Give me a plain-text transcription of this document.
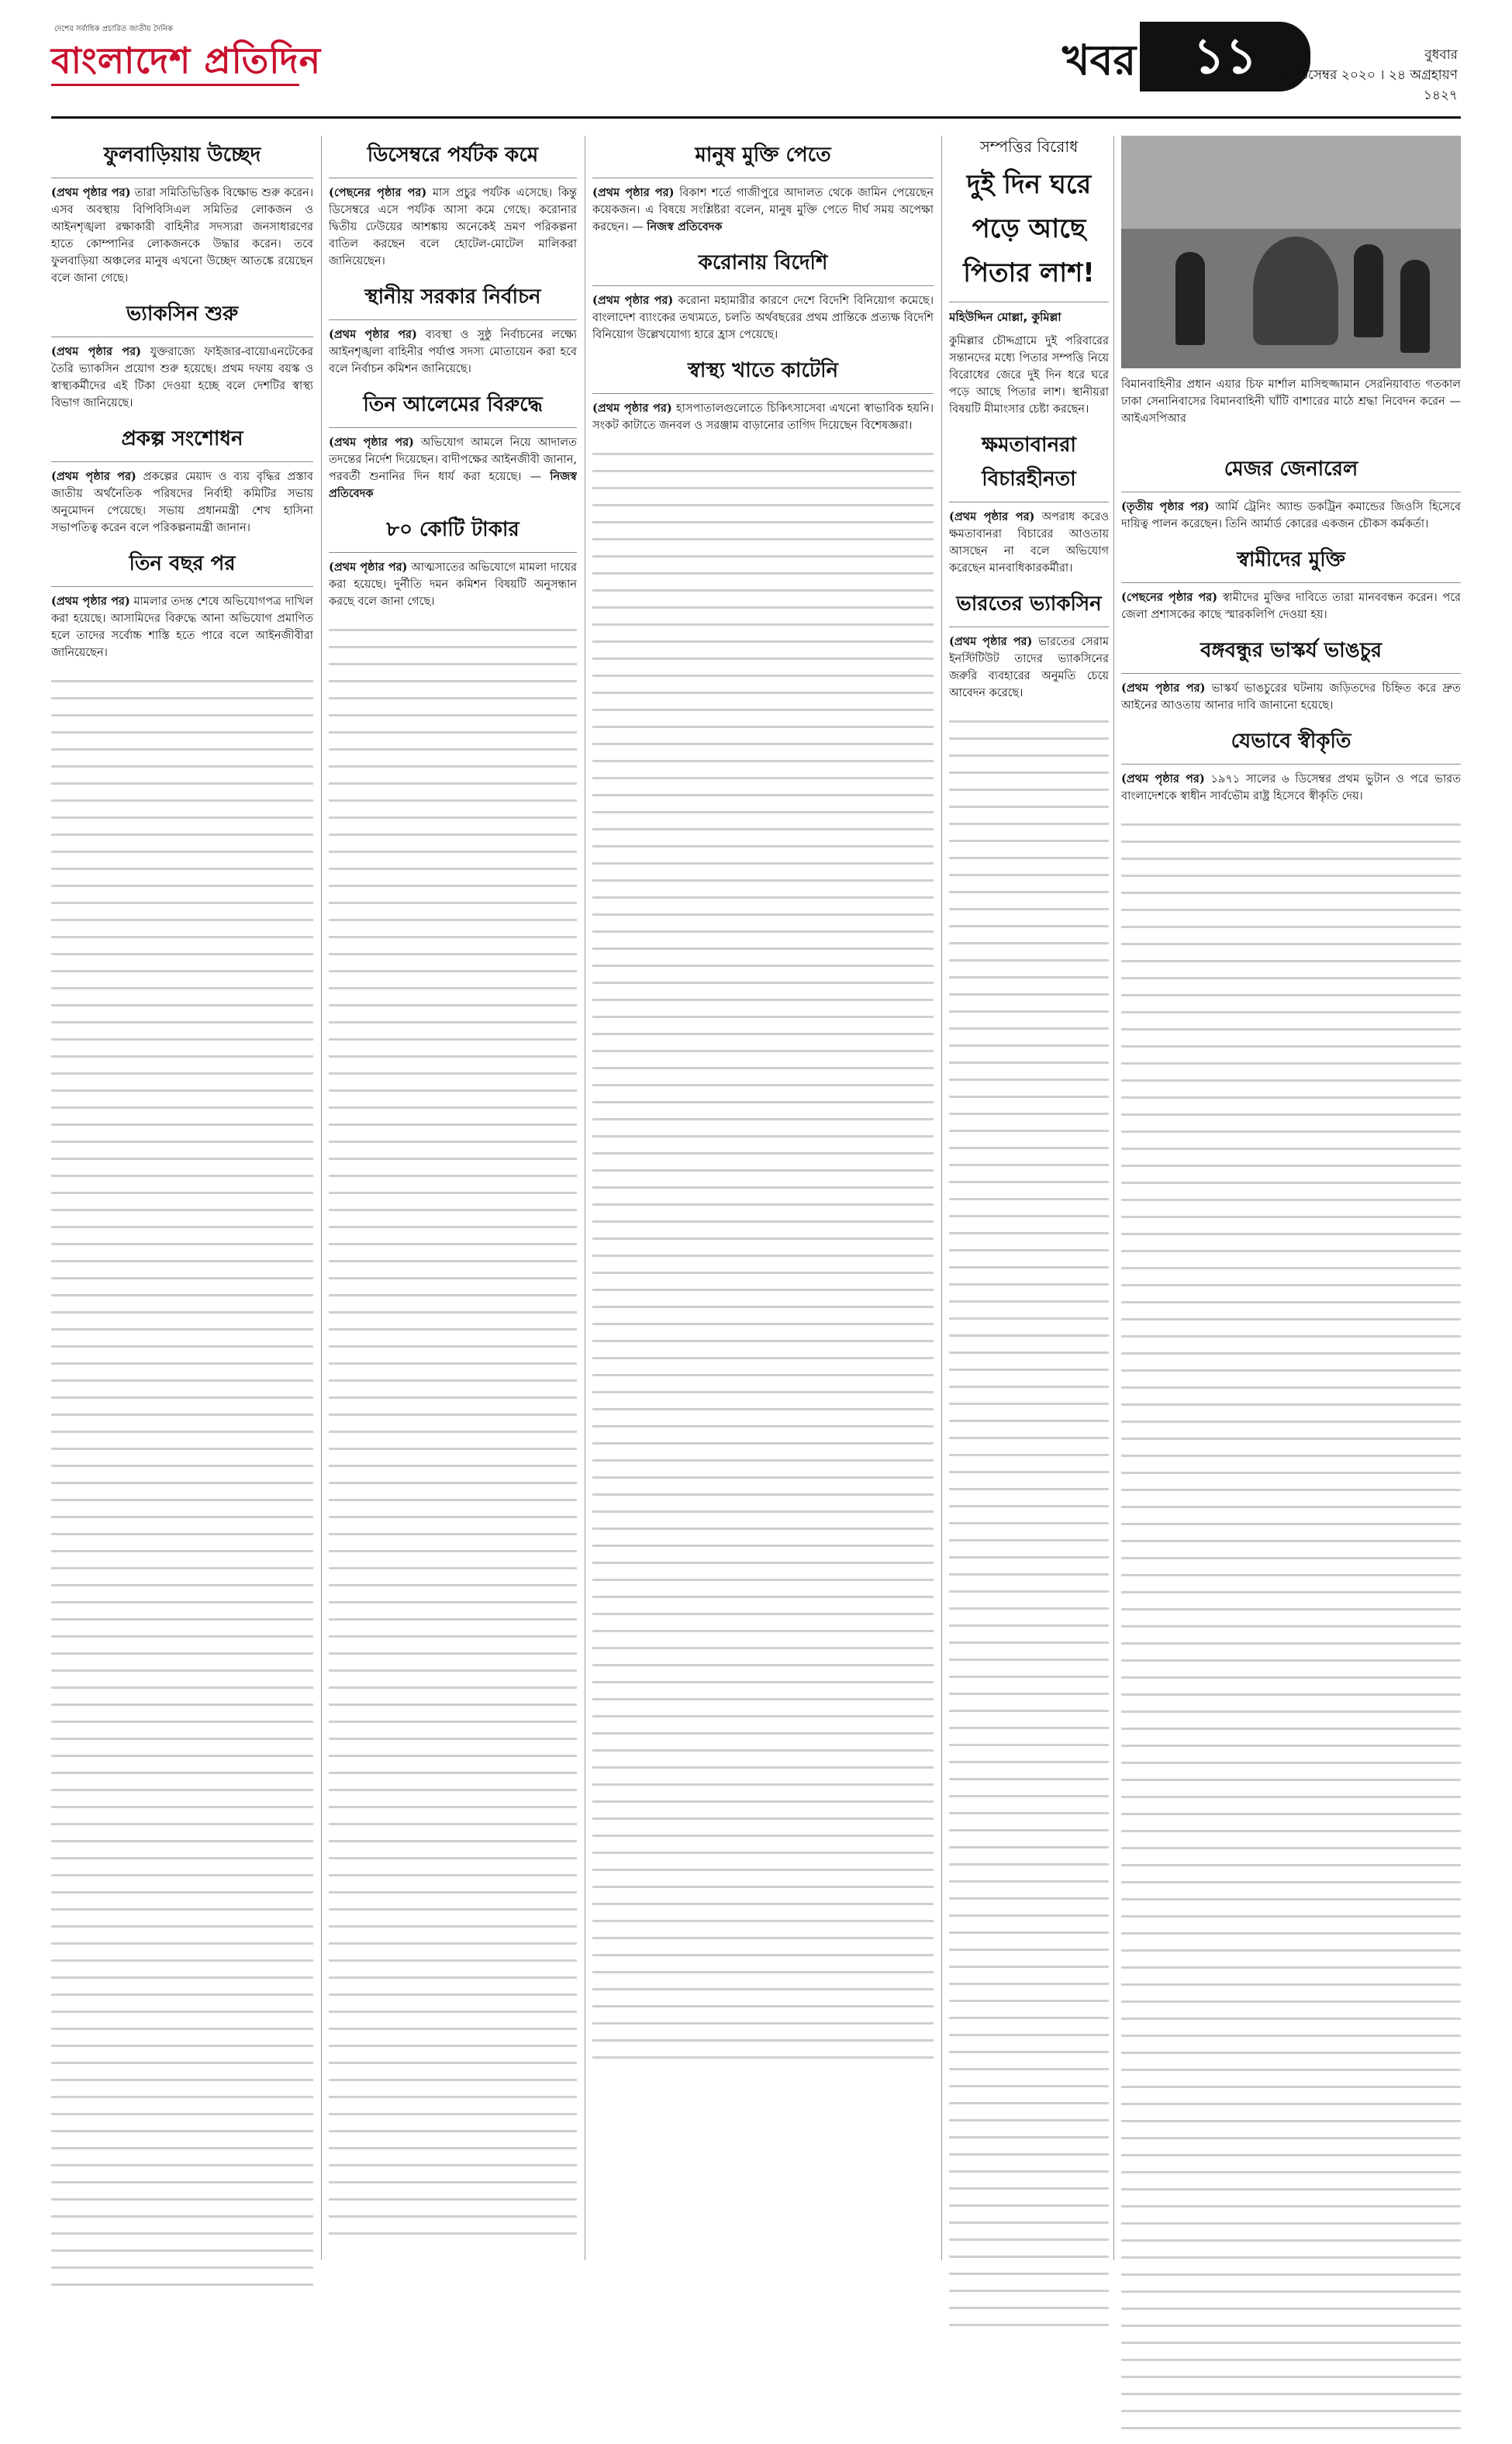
দেশের সর্বাধিক প্রচারিত জাতীয় দৈনিক
বাংলাদেশ প্রতিদিন	খবর	১১	বুধবার
৯ ডিসেম্বর ২০২০ । ২৪ অগ্রহায়ণ ১৪২৭
ফুলবাড়িয়ায় উচ্ছেদ

(প্রথম পৃষ্ঠার পর) তারা সমিতিভিত্তিক বিক্ষোভ শুরু করেন। এসব অবস্থায় বিপিবিসিএল সমিতির লোকজন ও আইনশৃঙ্খলা রক্ষাকারী বাহিনীর সদস্যরা জনসাধারণের হাতে কোম্পানির লোকজনকে উদ্ধার করেন। তবে ফুলবাড়িয়া অঞ্চলের মানুষ এখনো উচ্ছেদ আতঙ্কে রয়েছেন বলে জানা গেছে।

ভ্যাকসিন শুরু

(প্রথম পৃষ্ঠার পর) যুক্তরাজ্যে ফাইজার-বায়োএনটেকের তৈরি ভ্যাকসিন প্রয়োগ শুরু হয়েছে। প্রথম দফায় বয়স্ক ও স্বাস্থ্যকর্মীদের এই টিকা দেওয়া হচ্ছে বলে দেশটির স্বাস্থ্য বিভাগ জানিয়েছে।

প্রকল্প সংশোধন

(প্রথম পৃষ্ঠার পর) প্রকল্পের মেয়াদ ও ব্যয় বৃদ্ধির প্রস্তাব জাতীয় অর্থনৈতিক পরিষদের নির্বাহী কমিটির সভায় অনুমোদন পেয়েছে। সভায় প্রধানমন্ত্রী শেখ হাসিনা সভাপতিত্ব করেন বলে পরিকল্পনামন্ত্রী জানান।

তিন বছর পর

(প্রথম পৃষ্ঠার পর) মামলার তদন্ত শেষে অভিযোগপত্র দাখিল করা হয়েছে। আসামিদের বিরুদ্ধে আনা অভিযোগ প্রমাণিত হলে তাদের সর্বোচ্চ শাস্তি হতে পারে বলে আইনজীবীরা জানিয়েছেন।

ডিসেম্বরে পর্যটক কমে

(পেছনের পৃষ্ঠার পর) মাস প্রচুর পর্যটক এসেছে। কিন্তু ডিসেম্বরে এসে পর্যটক আসা কমে গেছে। করোনার দ্বিতীয় ঢেউয়ের আশঙ্কায় অনেকেই ভ্রমণ পরিকল্পনা বাতিল করছেন বলে হোটেল-মোটেল মালিকরা জানিয়েছেন।

স্থানীয় সরকার নির্বাচন

(প্রথম পৃষ্ঠার পর) ব্যবস্থা ও সুষ্ঠু নির্বাচনের লক্ষ্যে আইনশৃঙ্খলা বাহিনীর পর্যাপ্ত সদস্য মোতায়েন করা হবে বলে নির্বাচন কমিশন জানিয়েছে।

তিন আলেমের বিরুদ্ধে

(প্রথম পৃষ্ঠার পর) অভিযোগ আমলে নিয়ে আদালত তদন্তের নির্দেশ দিয়েছেন। বাদীপক্ষের আইনজীবী জানান, পরবর্তী শুনানির দিন ধার্য করা হয়েছে। — নিজস্ব প্রতিবেদক

৮০ কোটি টাকার

(প্রথম পৃষ্ঠার পর) আত্মসাতের অভিযোগে মামলা দায়ের করা হয়েছে। দুর্নীতি দমন কমিশন বিষয়টি অনুসন্ধান করছে বলে জানা গেছে।

মানুষ মুক্তি পেতে

(প্রথম পৃষ্ঠার পর) বিকাশ শর্তে গাজীপুরে আদালত থেকে জামিন পেয়েছেন কয়েকজন। এ বিষয়ে সংশ্লিষ্টরা বলেন, মানুষ মুক্তি পেতে দীর্ঘ সময় অপেক্ষা করছেন। — নিজস্ব প্রতিবেদক

করোনায় বিদেশি

(প্রথম পৃষ্ঠার পর) করোনা মহামারীর কারণে দেশে বিদেশি বিনিয়োগ কমেছে। বাংলাদেশ ব্যাংকের তথ্যমতে, চলতি অর্থবছরের প্রথম প্রান্তিকে প্রত্যক্ষ বিদেশি বিনিয়োগ উল্লেখযোগ্য হারে হ্রাস পেয়েছে।

স্বাস্থ্য খাতে কাটেনি

(প্রথম পৃষ্ঠার পর) হাসপাতালগুলোতে চিকিৎসাসেবা এখনো স্বাভাবিক হয়নি। সংকট কাটাতে জনবল ও সরঞ্জাম বাড়ানোর তাগিদ দিয়েছেন বিশেষজ্ঞরা।

সম্পত্তির বিরোধ
দুই দিন ঘরে পড়ে আছে পিতার লাশ!
মহিউদ্দিন মোল্লা, কুমিল্লা

কুমিল্লার চৌদ্দগ্রামে দুই পরিবারের সন্তানদের মধ্যে পিতার সম্পত্তি নিয়ে বিরোধের জেরে দুই দিন ধরে ঘরে পড়ে আছে পিতার লাশ। স্থানীয়রা বিষয়টি মীমাংসার চেষ্টা করছেন।

ক্ষমতাবানরা বিচারহীনতা

(প্রথম পৃষ্ঠার পর) অপরাধ করেও ক্ষমতাবানরা বিচারের আওতায় আসছেন না বলে অভিযোগ করেছেন মানবাধিকারকর্মীরা।

ভারতের ভ্যাকসিন

(প্রথম পৃষ্ঠার পর) ভারতের সেরাম ইনস্টিটিউট তাদের ভ্যাকসিনের জরুরি ব্যবহারের অনুমতি চেয়ে আবেদন করেছে।

বিমানবাহিনীর প্রধান এয়ার চিফ মার্শাল মাসিহুজ্জামান সেরনিয়াবাত গতকাল ঢাকা সেনানিবাসের বিমানবাহিনী ঘাঁটি বাশারের মাঠে শ্রদ্ধা নিবেদন করেন —আইএসপিআর
মেজর জেনারেল

(তৃতীয় পৃষ্ঠার পর) আর্মি ট্রেনিং অ্যান্ড ডকট্রিন কমান্ডের জিওসি হিসেবে দায়িত্ব পালন করেছেন। তিনি আর্মার্ড কোরের একজন চৌকস কর্মকর্তা।

স্বামীদের মুক্তি

(পেছনের পৃষ্ঠার পর) স্বামীদের মুক্তির দাবিতে তারা মানববন্ধন করেন। পরে জেলা প্রশাসকের কাছে স্মারকলিপি দেওয়া হয়।

বঙ্গবন্ধুর ভাস্কর্য ভাঙচুর

(প্রথম পৃষ্ঠার পর) ভাস্কর্য ভাঙচুরের ঘটনায় জড়িতদের চিহ্নিত করে দ্রুত আইনের আওতায় আনার দাবি জানানো হয়েছে।

যেভাবে স্বীকৃতি

(প্রথম পৃষ্ঠার পর) ১৯৭১ সালের ৬ ডিসেম্বর প্রথম ভুটান ও পরে ভারত বাংলাদেশকে স্বাধীন সার্বভৌম রাষ্ট্র হিসেবে স্বীকৃতি দেয়।
